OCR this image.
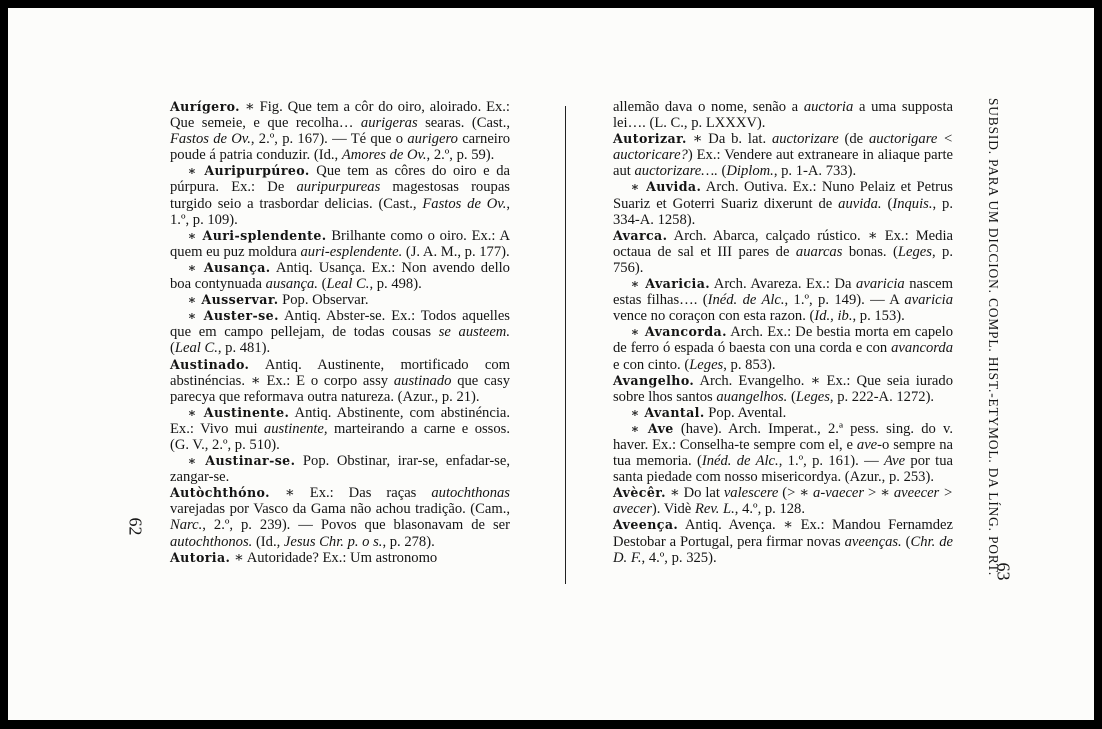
Aurígero. ∗ Fig. Que tem a côr do oiro, aloirado. Ex.: Que semeie, e que recolha… aurigeras searas. (Cast., Fastos de Ov., 2.º, p. 167). — Té que o aurigero carneiro poude á patria conduzir. (Id., Amores de Ov., 2.º, p. 59).

∗ Auripurpúreo. Que tem as côres do oiro e da púrpura. Ex.: De auripurpureas magestosas roupas turgido seio a trasbordar delicias. (Cast., Fastos de Ov., 1.º, p. 109).

∗ Auri-splendente. Brilhante como o oiro. Ex.: A quem eu puz moldura auri-esplendente. (J. A. M., p. 177).

∗ Ausança. Antiq. Usança. Ex.: Non avendo dello boa contynuada ausança. (Leal C., p. 498).

∗ Ausservar. Pop. Observar.

∗ Auster-se. Antiq. Abster-se. Ex.: Todos aquelles que em campo pellejam, de todas cousas se austeem. (Leal C., p. 481).

Austinado. Antiq. Austinente, mortificado com abstinéncias. ∗ Ex.: E o corpo assy austinado que casy parecya que reformava outra natureza. (Azur., p. 21).

∗ Austinente. Antiq. Abstinente, com abstinéncia. Ex.: Vivo mui austinente, marteirando a carne e ossos. (G. V., 2.º, p. 510).

∗ Austinar-se. Pop. Obstinar, irar-se, enfadar-se, zangar-se.

Autòchthóno. ∗ Ex.: Das raças autochthonas varejadas por Vasco da Gama não achou tradição. (Cam., Narc., 2.º, p. 239). — Povos que blasonavam de ser autochthonos. (Id., Jesus Chr. p. o s., p. 278).

Autoria. ∗ Autoridade? Ex.: Um astronomo

allemão dava o nome, senão a auctoria a uma supposta lei…. (L. C., p. LXXXV).

Autorizar. ∗ Da b. lat. auctorizare (de auctorigare < auctoricare?) Ex.: Vendere aut extraneare in aliaque parte aut auctorizare…. (Diplom., p. 1-A. 733).

∗ Auvida. Arch. Outiva. Ex.: Nuno Pelaiz et Petrus Suariz et Goterri Suariz dixerunt de auvida. (Inquis., p. 334-A. 1258).

Avarca. Arch. Abarca, calçado rústico. ∗ Ex.: Media octaua de sal et III pares de auarcas bonas. (Leges, p. 756).

∗ Avaricia. Arch. Avareza. Ex.: Da avaricia nascem estas filhas…. (Inéd. de Alc., 1.º, p. 149). — A avaricia vence no coraçon con esta razon. (Id., ib., p. 153).

∗ Avancorda. Arch. Ex.: De bestia morta em capelo de ferro ó espada ó baesta con una corda e con avancorda e con cinto. (Leges, p. 853).

Avangelho. Arch. Evangelho. ∗ Ex.: Que seia iurado sobre lhos santos auangelhos. (Leges, p. 222-A. 1272).

∗ Avantal. Pop. Avental.

∗ Ave (have). Arch. Imperat., 2.ª pess. sing. do v. haver. Ex.: Conselha-te sempre com el, e ave-o sempre na tua memoria. (Inéd. de Alc., 1.º, p. 161). — Ave por tua santa piedade com nosso misericordya. (Azur., p. 253).

Avècêr. ∗ Do lat valescere (> ∗ a-vaecer > ∗ aveecer > avecer). Vidè Rev. L., 4.º, p. 128.

Aveença. Antiq. Avença. ∗ Ex.: Mandou Fernamdez Destobar a Portugal, pera firmar novas aveenças. (Chr. de D. F., 4.º, p. 325).

62	SUBSID. PARA UM DICCION. COMPL. HIST.-ETYMOL. DA LÍNG. PORT.
63
